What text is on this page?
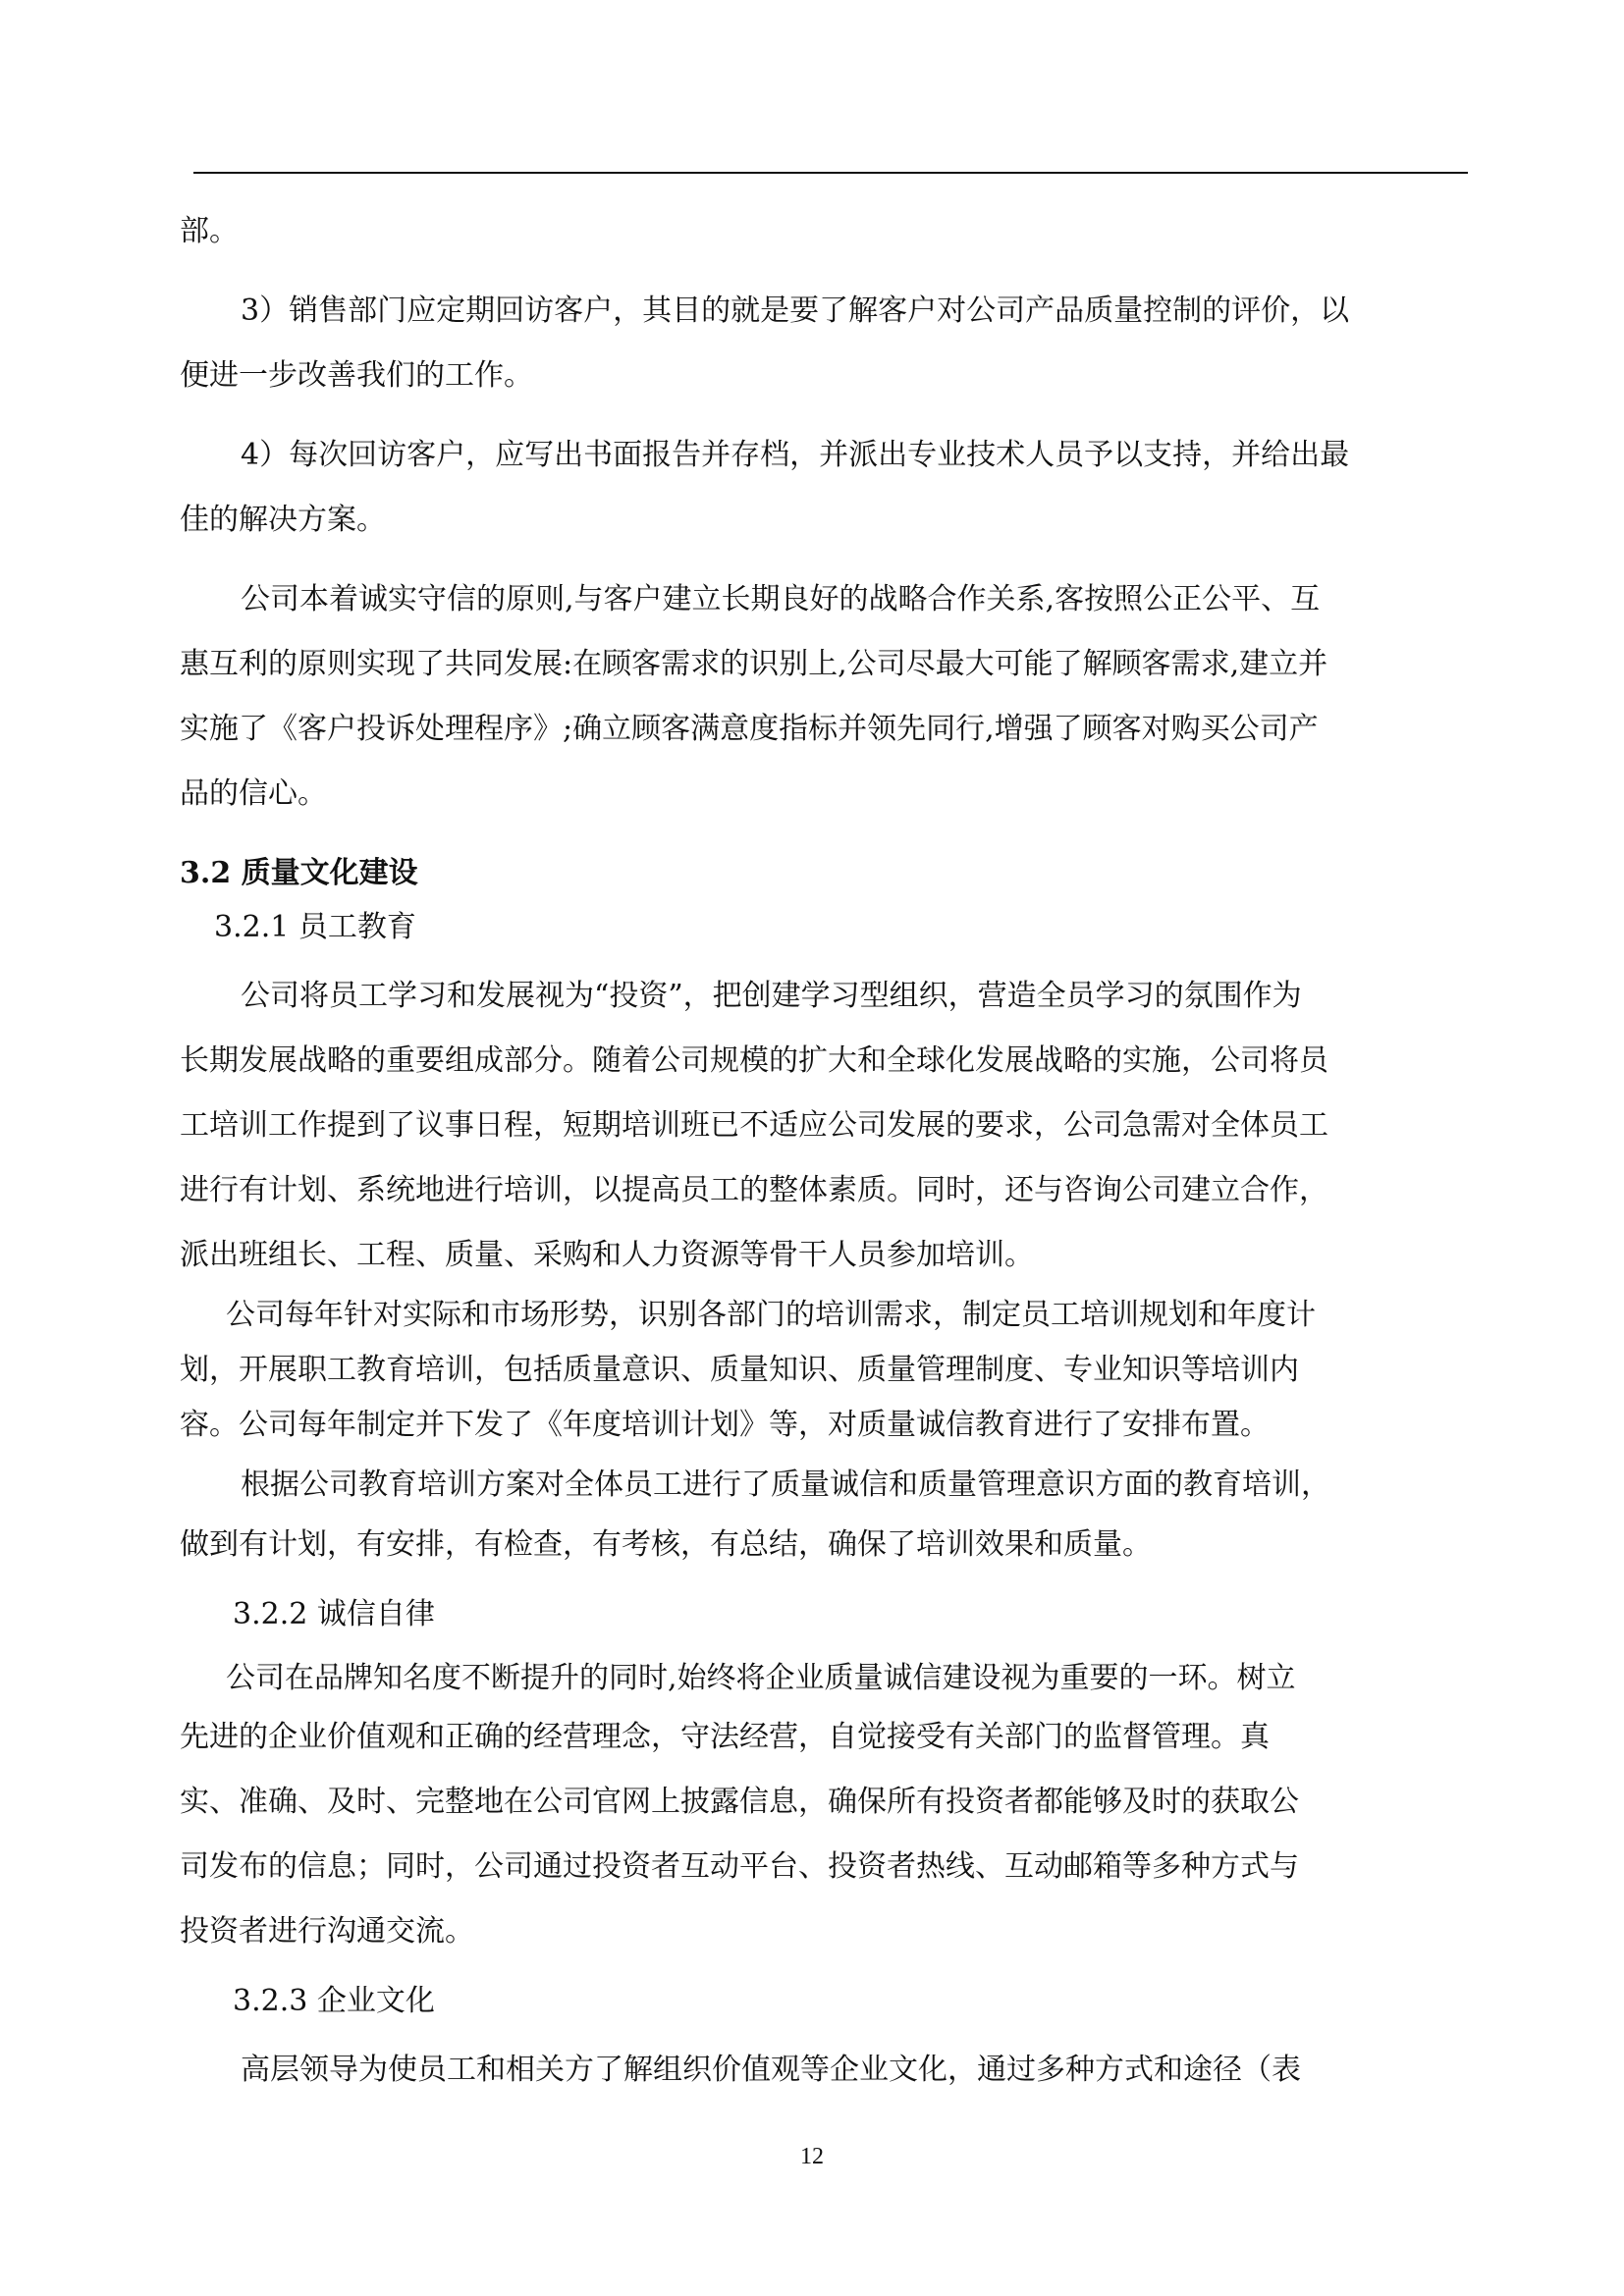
部。
3）销售部门应定期回访客户，其目的就是要了解客户对公司产品质量控制的评价，以
便进一步改善我们的工作。
4）每次回访客户，应写出书面报告并存档，并派出专业技术人员予以支持，并给出最
佳的解决方案。
公司本着诚实守信的原则,与客户建立长期良好的战略合作关系,客按照公正公平、互
惠互利的原则实现了共同发展:在顾客需求的识别上,公司尽最大可能了解顾客需求,建立并
实施了《客户投诉处理程序》;确立顾客满意度指标并领先同行,增强了顾客对购买公司产
品的信心。
3.2 质量文化建设
3.2.1 员工教育
公司将员工学习和发展视为“投资”，把创建学习型组织，营造全员学习的氛围作为
长期发展战略的重要组成部分。随着公司规模的扩大和全球化发展战略的实施，公司将员
工培训工作提到了议事日程，短期培训班已不适应公司发展的要求，公司急需对全体员工
进行有计划、系统地进行培训，以提高员工的整体素质。同时，还与咨询公司建立合作，
派出班组长、工程、质量、采购和人力资源等骨干人员参加培训。
公司每年针对实际和市场形势，识别各部门的培训需求，制定员工培训规划和年度计
划，开展职工教育培训，包括质量意识、质量知识、质量管理制度、专业知识等培训内
容。公司每年制定并下发了《年度培训计划》等，对质量诚信教育进行了安排布置。
根据公司教育培训方案对全体员工进行了质量诚信和质量管理意识方面的教育培训，
做到有计划，有安排，有检查，有考核，有总结，确保了培训效果和质量。
3.2.2 诚信自律
公司在品牌知名度不断提升的同时,始终将企业质量诚信建设视为重要的一环。树立
先进的企业价值观和正确的经营理念，守法经营，自觉接受有关部门的监督管理。真
实、准确、及时、完整地在公司官网上披露信息，确保所有投资者都能够及时的获取公
司发布的信息；同时，公司通过投资者互动平台、投资者热线、互动邮箱等多种方式与
投资者进行沟通交流。
3.2.3 企业文化
高层领导为使员工和相关方了解组织价值观等企业文化，通过多种方式和途径（表
12
